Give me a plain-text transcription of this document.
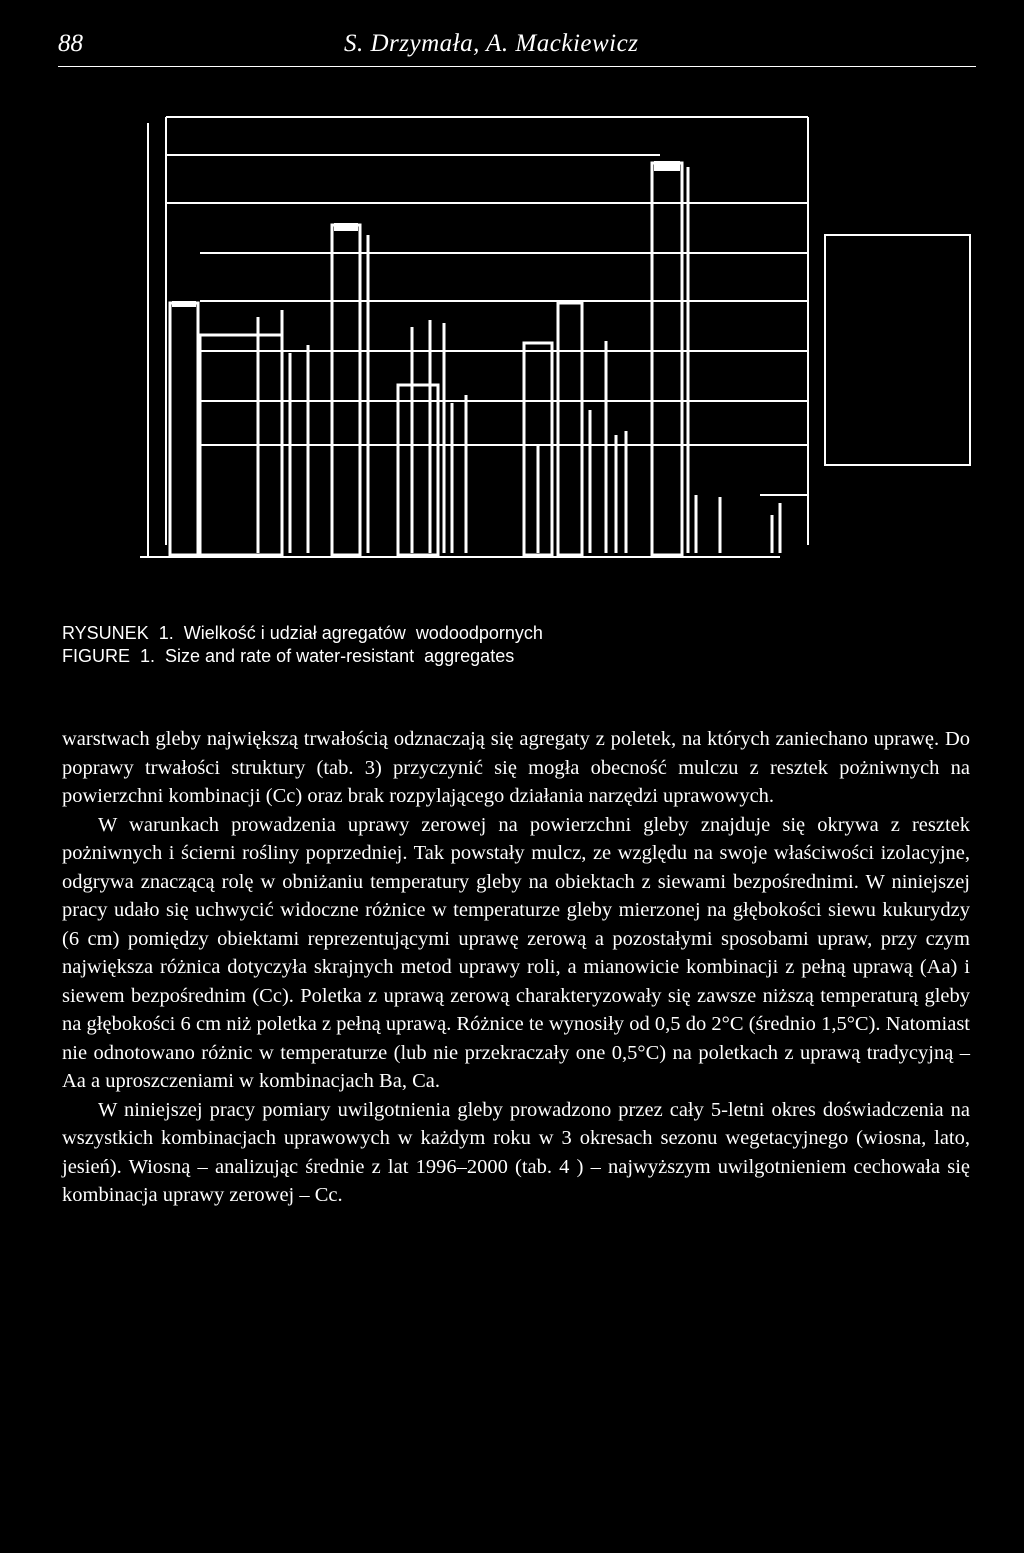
88	S. Drzymała, A. Mackiewicz
RYSUNEK  1.  Wielkość i udział agregatów  wodoodpornych
FIGURE  1.  Size and rate of water-resistant  aggregates

warstwach gleby największą trwałością odznaczają się agregaty z poletek, na których zaniechano uprawę. Do poprawy trwałości struktury (tab. 3) przyczynić się mogła obecność mulczu z resztek pożniwnych na powierzchni kombinacji (Cc) oraz brak rozpylającego działania narzędzi uprawowych.

W warunkach prowadzenia uprawy zerowej na powierzchni gleby znajduje się okrywa z resztek pożniwnych i ścierni rośliny poprzedniej. Tak powstały mulcz, ze względu na swoje właściwości izolacyjne, odgrywa znaczącą rolę w obniżaniu temperatury gleby na obiektach z siewami bezpośrednimi. W niniejszej pracy udało się uchwycić widoczne różnice w temperaturze gleby mierzonej na głębokości siewu kukurydzy (6 cm) pomiędzy obiektami reprezentującymi uprawę zerową a pozostałymi sposobami upraw, przy czym największa różnica dotyczyła skrajnych metod uprawy roli, a mianowicie kombinacji z pełną uprawą (Aa) i siewem bezpośrednim (Cc). Poletka z uprawą zerową charakteryzowały się zawsze niższą temperaturą gleby na głębokości 6 cm niż poletka z pełną uprawą. Różnice te wynosiły od 0,5 do 2°C (średnio 1,5°C). Natomiast nie odnotowano różnic w temperaturze (lub nie przekraczały one 0,5°C) na poletkach z uprawą tradycyjną – Aa a uproszczeniami w kombinacjach Ba, Ca.

W niniejszej pracy pomiary uwilgotnienia gleby prowadzono przez cały 5-letni okres doświadczenia na wszystkich kombinacjach uprawowych w każdym roku w 3 okresach sezonu wegetacyjnego (wiosna, lato, jesień). Wiosną – analizując średnie z lat 1996–2000 (tab. 4 ) – najwyższym uwilgotnieniem cechowała się kombinacja uprawy zerowej – Cc.
